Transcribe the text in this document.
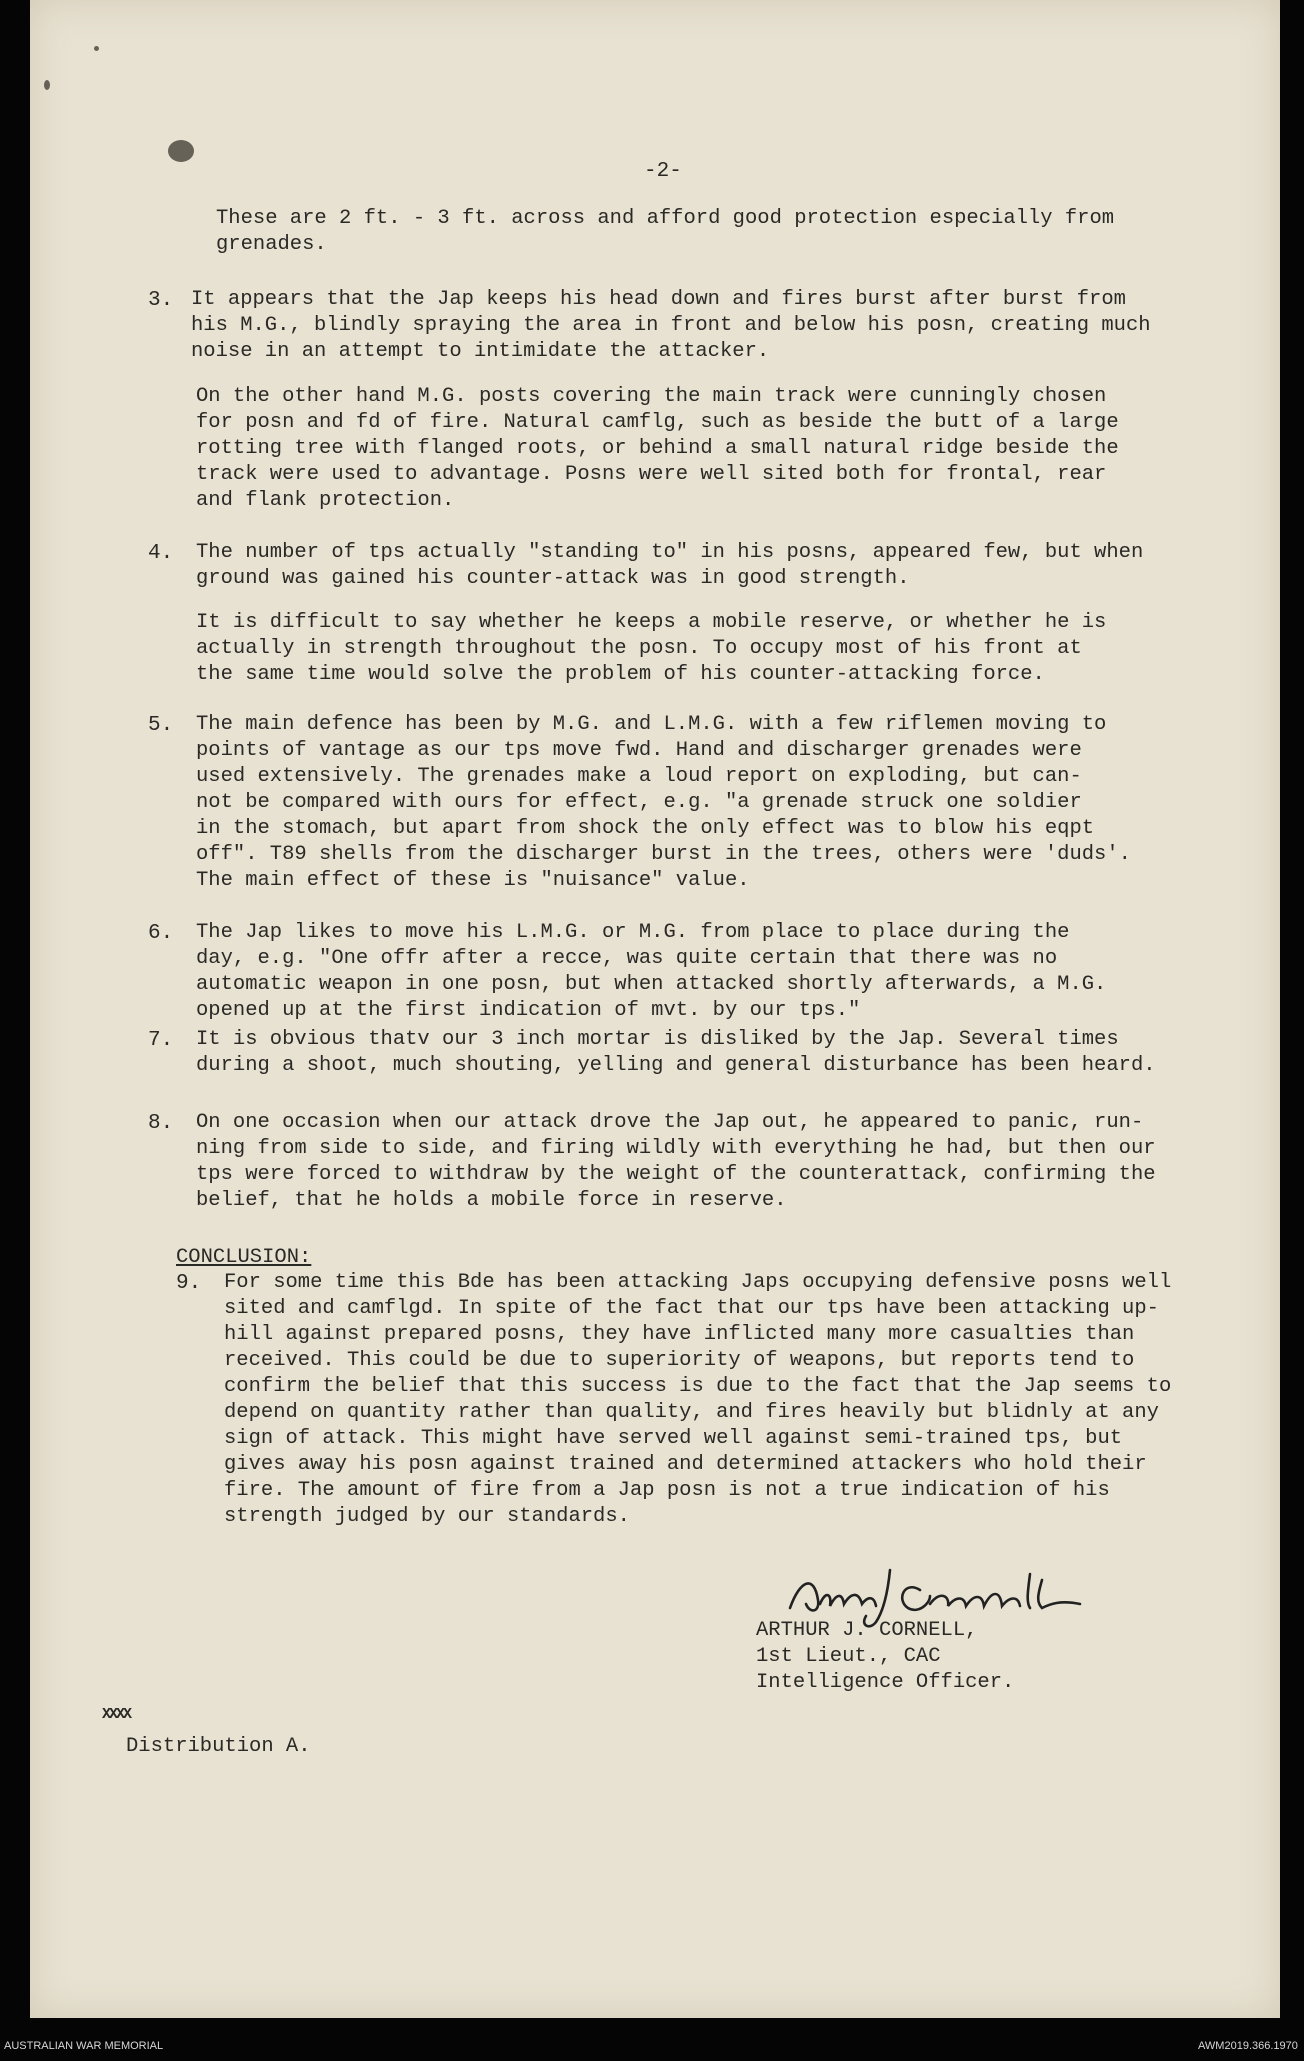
-2-
These are 2 ft. - 3 ft. across and afford good protection especially from
grenades.
3. It appears that the Jap keeps his head down and fires burst after burst from
his M.G., blindly spraying the area in front and below his posn, creating much
noise in an attempt to intimidate the attacker.
On the other hand M.G. posts covering the main track were cunningly chosen
for posn and fd of fire. Natural camflg, such as beside the butt of a large
rotting tree with flanged roots, or behind a small natural ridge beside the
track were used to advantage. Posns were well sited both for frontal, rear
and flank protection.
4. The number of tps actually "standing to" in his posns, appeared few, but when
ground was gained his counter-attack was in good strength.
It is difficult to say whether he keeps a mobile reserve, or whether he is
actually in strength throughout the posn. To occupy most of his front at
the same time would solve the problem of his counter-attacking force.
5. The main defence has been by M.G. and L.M.G. with a few riflemen moving to
points of vantage as our tps move fwd. Hand and discharger grenades were
used extensively. The grenades make a loud report on exploding, but can-
not be compared with ours for effect, e.g. "a grenade struck one soldier
in the stomach, but apart from shock the only effect was to blow his eqpt
off". T89 shells from the discharger burst in the trees, others were 'duds'.
The main effect of these is "nuisance" value.
6. The Jap likes to move his L.M.G. or M.G. from place to place during the
day, e.g. "One offr after a recce, was quite certain that there was no
automatic weapon in one posn, but when attacked shortly afterwards, a M.G.
opened up at the first indication of mvt. by our tps."
7. It is obvious thatv our 3 inch mortar is disliked by the Jap. Several times
during a shoot, much shouting, yelling and general disturbance has been heard.
8. On one occasion when our attack drove the Jap out, he appeared to panic, run-
ning from side to side, and firing wildly with everything he had, but then our
tps were forced to withdraw by the weight of the counterattack, confirming the
belief, that he holds a mobile force in reserve.
CONCLUSION:
9. For some time this Bde has been attacking Japs occupying defensive posns well
sited and camflgd. In spite of the fact that our tps have been attacking up-
hill against prepared posns, they have inflicted many more casualties than
received. This could be due to superiority of weapons, but reports tend to
confirm the belief that this success is due to the fact that the Jap seems to
depend on quantity rather than quality, and fires heavily but blidnly at any
sign of attack. This might have served well against semi-trained tps, but
gives away his posn against trained and determined attackers who hold their
fire. The amount of fire from a Jap posn is not a true indication of his
strength judged by our standards.
ARTHUR J. CORNELL,
1st Lieut., CAC
Intelligence Officer.
XXXX
Distribution A.
AUSTRALIAN WAR MEMORIAL	AWM2019.366.1970
